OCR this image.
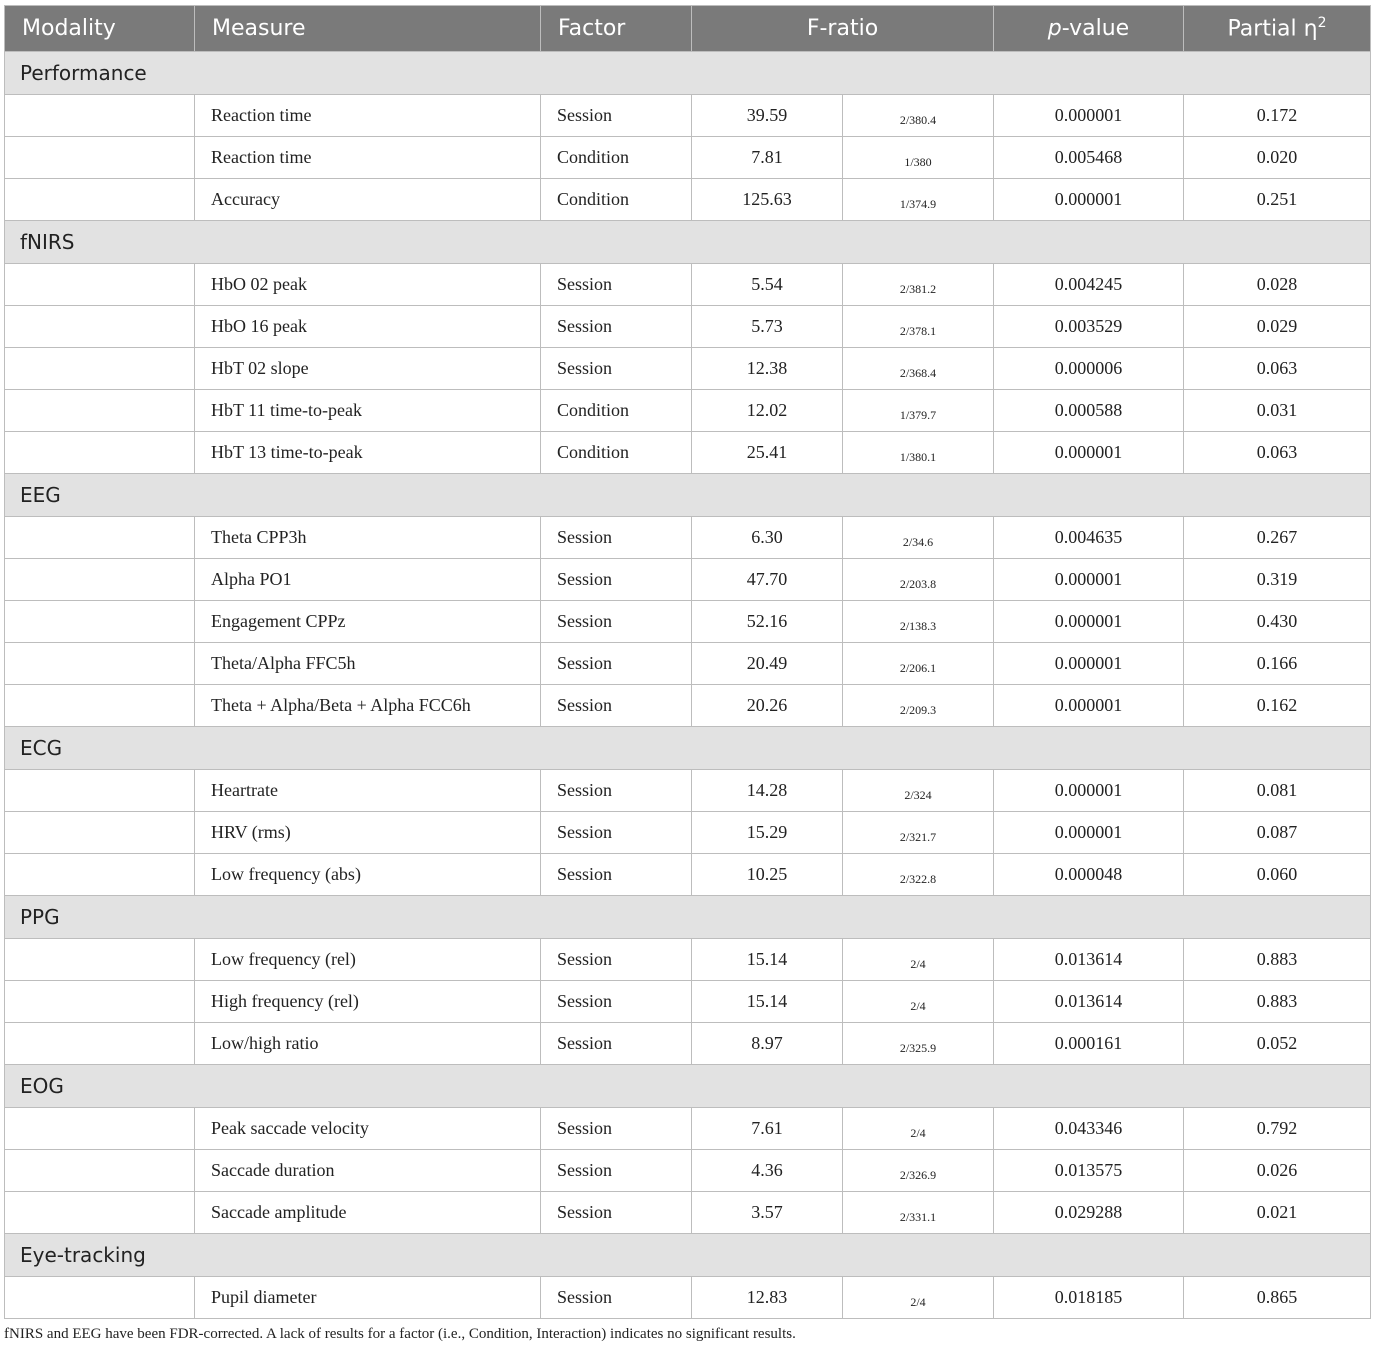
Modality	Measure	Factor	F-ratio		p-value	Partial $\eta^2$
Performance						
	Reaction time	Session	39.59	2/380.4	0.000001	0.172
	Reaction time	Condition	7.81	1/380	0.005468	0.020
	Accuracy	Condition	125.63	1/374.9	0.000001	0.251
fNIRS						
	HbO 02 peak	Session	5.54	2/381.2	0.004245	0.028
	HbO 16 peak	Session	5.73	2/378.1	0.003529	0.029
	HbT 02 slope	Session	12.38	2/368.4	0.000006	0.063
	HbT 11 time-to-peak	Condition	12.02	1/379.7	0.000588	0.031
	HbT 13 time-to-peak	Condition	25.41	1/380.1	0.000001	0.063
EEG						
	Theta CPP3h	Session	6.30	2/34.6	0.004635	0.267
	Alpha PO1	Session	47.70	2/203.8	0.000001	0.319
	Engagement CPPz	Session	52.16	2/138.3	0.000001	0.430
	Theta/Alpha FFC5h	Session	20.49	2/206.1	0.000001	0.166
	Theta + Alpha/Beta + Alpha FCC6h	Session	20.26	2/209.3	0.000001	0.162
ECG						
	Heartrate	Session	14.28	2/324	0.000001	0.081
	HRV (rms)	Session	15.29	2/321.7	0.000001	0.087
	Low frequency (abs)	Session	10.25	2/322.8	0.000048	0.060
PPG						
	Low frequency (rel)	Session	15.14	2/4	0.013614	0.883
	High frequency (rel)	Session	15.14	2/4	0.013614	0.883
	Low/high ratio	Session	8.97	2/325.9	0.000161	0.052
EOG						
	Peak saccade velocity	Session	7.61	2/4	0.043346	0.792
	Saccade duration	Session	4.36	2/326.9	0.013575	0.026
	Saccade amplitude	Session	3.57	2/331.1	0.029288	0.021
Eye-tracking						
	Pupil diameter	Session	12.83	2/4	0.018185	0.865
fNIRS and EEG have been FDR-corrected. A lack of results for a factor (i.e., Condition, Interaction) indicates no significant results.
